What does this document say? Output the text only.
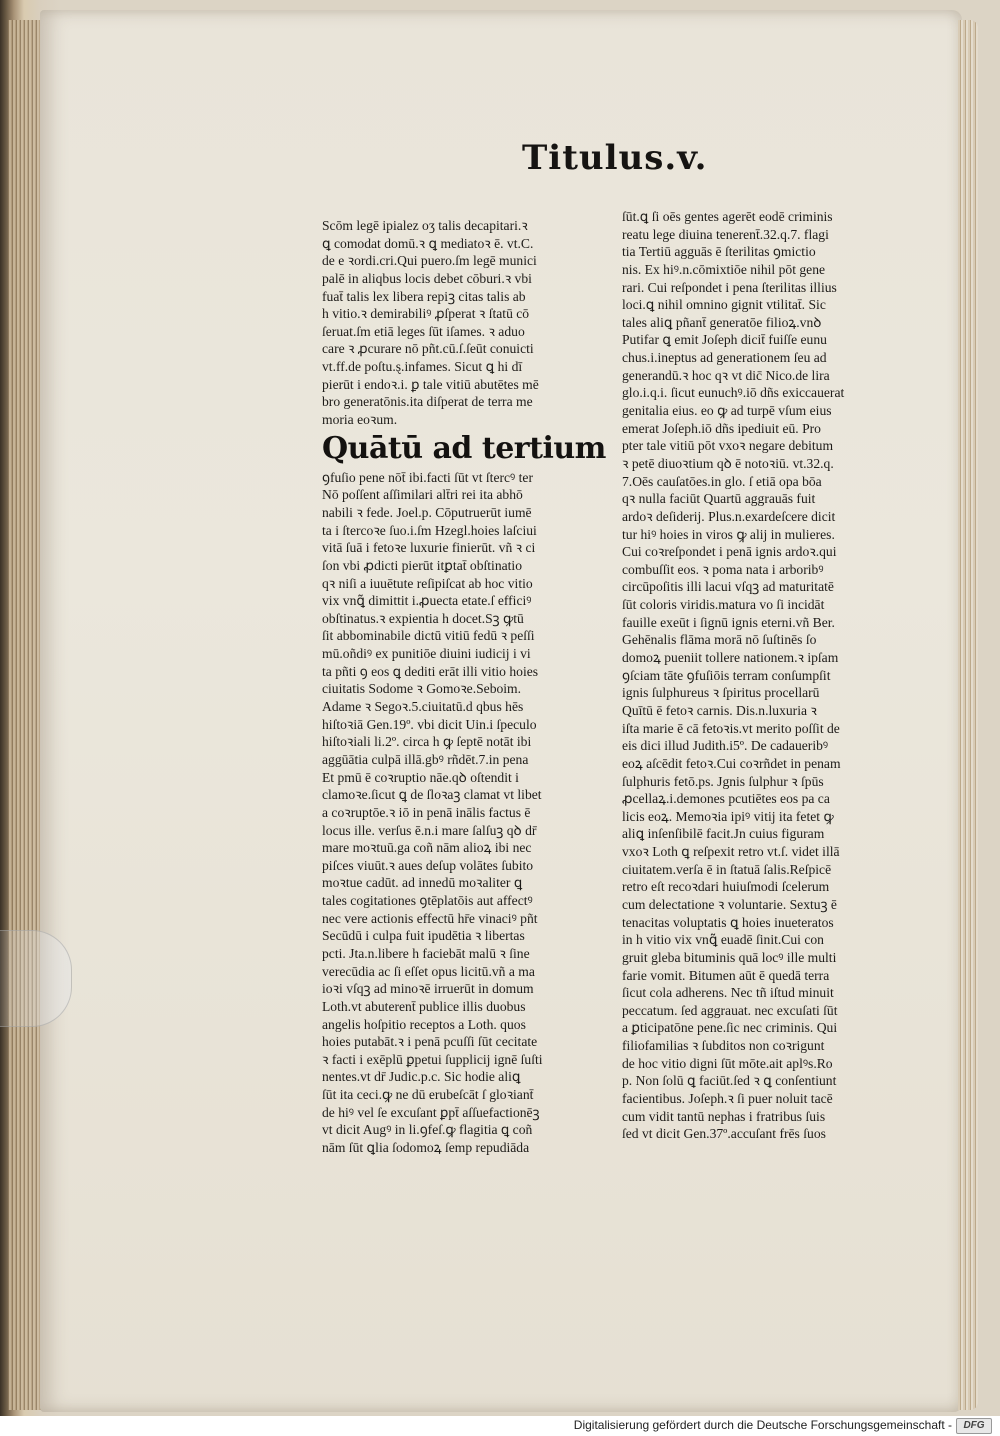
Titulus.v.
Scōm legē ipialez oʒ talis decapitari.ꝛ
ꝗ comodat domū.ꝛ ꝗ mediatoꝛ ē. vt.C.
de e ꝛordi.cri.Qui puero.ſm legē munici
palē in aliqbus locis debet cōburi.ꝛ vbi
fuat̄ talis lex libera repiꝫ citas talis ab
h vitio.ꝛ demirabiliꝰ ꝓſperat ꝛ ſtatū cō
ſeruat.ſm etiā leges ſūt iſames. ꝛ aduo
care ꝛ ꝓcurare nō pñt.cū.ſ.ſeūt conuicti
vt.ff.de poſtu.ȿ.infames. Sicut ꝗ hi dī
pierūt i endoꝛ.i. ꝑ tale vitiū abutētes mē
bro generatōnis.ita diſperat de terra me
moria eoꝛum.
Quātū ad tertium
ꝯfuſio pene nōt̄ ibi.facti ſūt vt ſtercꝰ ter
Nō poſſent aſſimilari alt̄ri rei ita abhō
nabili ꝛ fede. Joel.p. Cōputruerūt iumē
ta i ſtercoꝛe ſuo.i.ſm Hzegl.hoies laſciui
vitā ſuā i fetoꝛe luxurie finierūt. vñ ꝛ ci
ſon vbi ꝓdicti pierūt itꝑtat̄ obſtinatio
qꝛ niſi a iuuētute reſipiſcat ab hoc vitio
vix vnꝗ̃ dimittit i.ꝓuecta etate.ſ efficiꝰ
obſtinatus.ꝛ expientia h docet.Sꝫ ꝙtū
ſit abbominabile dictū vitiū fedū ꝛ peſſi
mū.oñdiꝰ ex punitiōe diuini iudicij i vi
ta pñti ꝯ eos ꝗ dediti erāt illi vitio hoies
ciuitatis Sodome ꝛ Gomoꝛe.Seboim.
Adame ꝛ Segoꝛ.5.ciuitatū.d qbus hēs
hiſtoꝛiā Gen.19º. vbi dicit Uin.i ſpeculo
hiſtoꝛiali li.2º. circa h ꝙ ſeptē notāt ibi
aggūātia culpā illā.gbꝰ rñdēt.7.in pena
Et pmū ē coꝛruptio nāe.qꝺ oſtendit i
clamoꝛe.ſicut ꝗ de ſloꝛaꝫ clamat vt libet
a coꝛruptōe.ꝛ iō in penā inālis factus ē
locus ille. verſus ē.n.i mare ſalſuꝫ qꝺ dr̄
mare moꝛtuū.ga coñ nām alioꝝ ibi nec
piſces viuūt.ꝛ aues deſup volātes ſubito
moꝛtue cadūt. ad innedū moꝛaliter ꝗ
tales cogitationes ꝯtēplatōis aut affectꝰ
nec vere actionis effectū hr̄e vinaciꝰ pñt
Secūdū i culpa fuit ipudētia ꝛ libertas
pcti. Jta.n.libere h faciebāt malū ꝛ ſine
verecūdia ac ſi eſſet opus licitū.vñ a ma
ioꝛi vſqꝫ ad minoꝛē irruerūt in domum
Loth.vt abuterent̄ publice illis duobus
angelis hoſpitio receptos a Loth. quos
hoies putabāt.ꝛ i penā pcuſſi ſūt cecitate
ꝛ facti i exēplū ꝑpetui ſupplicij ignē ſuſti
nentes.vt dr̄ Judic.p.c. Sic hodie aliꝗ
ſūt ita ceci.ꝙ ne dū erubeſcāt ſ glоꝛiant̄
de hiꝰ vel ſe excuſant ꝑpt̄ aſſuefactionēꝫ
vt dicit Augꝰ in li.ꝯfeſ.ꝙ flagitia ꝗ coñ
nām ſūt ꝗlia ſodomoꝝ ſemp repudiāda
ſūt.ꝗ ſi oēs gentes agerēt eodē criminis
reatu lege diuina tenerent̄.32.q.7. flagi
tia Tertiū agguās ē ſterilitas ꝯmictio
nis. Ex hiꝰ.n.cōmixtiōe nihil pōt gene
rari. Cui reſpondet i pena ſterilitas illius
loci.ꝗ nihil omnino gignit vtilitat̄. Sic
tales aliꝗ pñant̄ generatōe filioꝝ.vnꝺ
Putifar ꝗ emit Joſeph dicit̄ fuiſſe eunu
chus.i.ineptus ad generationem ſeu ad
generandū.ꝛ hoc qꝛ vt dic̄ Nico.de lira
glo.i.q.i. ſicut eunuchꝰ.iō dñs exiccauerat
genitalia eius. eo ꝙ ad turpē vſum eius
emerat Joſeph.iō dñs ipediuit eū. Pro
pter tale vitiū pōt vxoꝛ negare debitum
ꝛ petē diuoꝛtium qꝺ ē notoꝛiū. vt.32.q.
7.Oēs cauſatōes.in glo. ſ etiā opa bōa
qꝛ nulla faciūt Quartū aggrauās fuit
ardoꝛ deſiderij. Plus.n.exardeſcere dicit
tur hiꝰ hoies in viros ꝙ alij in mulieres.
Cui coꝛreſpondet i penā ignis ardoꝛ.qui
combuſſit eos. ꝛ poma nata i arboribꝰ
circūpoſitis illi lacui vſqꝫ ad maturitatē
ſūt coloris viridis.matura vo ſi incidāt
fauille exeūt i ſignū ignis eterni.vñ Ber.
Gehēnalis flāma morā nō ſuſtinēs ſo
domoꝝ pueniit tollere nationem.ꝛ ipſam
ꝯſciam tāte ꝯfuſiōis terram conſumpſit
ignis ſulphureus ꝛ ſpiritus procellarū
Quītū ē fetoꝛ carnis. Dis.n.luxuria ꝛ
iſta marie ē cā fetoꝛis.vt merito poſſit de
eis dici illud Judith.i5º. De cadaueribꝰ
eoꝝ aſcēdit fetoꝛ.Cui coꝛrñdet in penam
ſulphuris fetō.ps. Jgnis ſulphur ꝛ ſpūs
ꝓcellaꝝ.i.demones pcutiētes eos pa ca
licis eoꝝ. Memoꝛia ipiꝰ vitij ita fetet ꝙ
aliꝗ inſenſibilē facit.Jn cuius figuram
vxoꝛ Loth ꝗ reſpexit retro vt.ſ. videt illā
ciuitatem.verſa ē in ſtatuā ſalis.Reſpicē
retro eſt recoꝛdari huiuſmodi ſcelerum
cum delectatione ꝛ voluntarie. Sextuꝫ ē
tenacitas voluptatis ꝗ hoies inueteratos
in h vitio vix vnꝗ̃ euadē ſinit.Cui con
gruit gleba bituminis quā locꝰ ille multi
farie vomit. Bitumen aūt ē quedā terra
ſicut cola adherens. Nec tñ iſtud minuit
peccatum. ſed aggrauat. nec excuſati ſūt
a ꝑticipatōne pene.ſic nec criminis. Qui
filiofamilias ꝛ ſubditos non coꝛrigunt
de hoc vitio digni ſūt mōte.ait aplꝰs.Ro
p. Non ſolū ꝗ faciūt.ſed ꝛ ꝗ conſentiunt
facientibus. Joſeph.ꝛ ſi puer noluit tacē
cum vidit tantū nephas i fratribus ſuis
ſed vt dicit Gen.37º.accuſant frēs ſuos
Digitalisierung gefördert durch die Deutsche Forschungsgemeinschaft -	DFG
